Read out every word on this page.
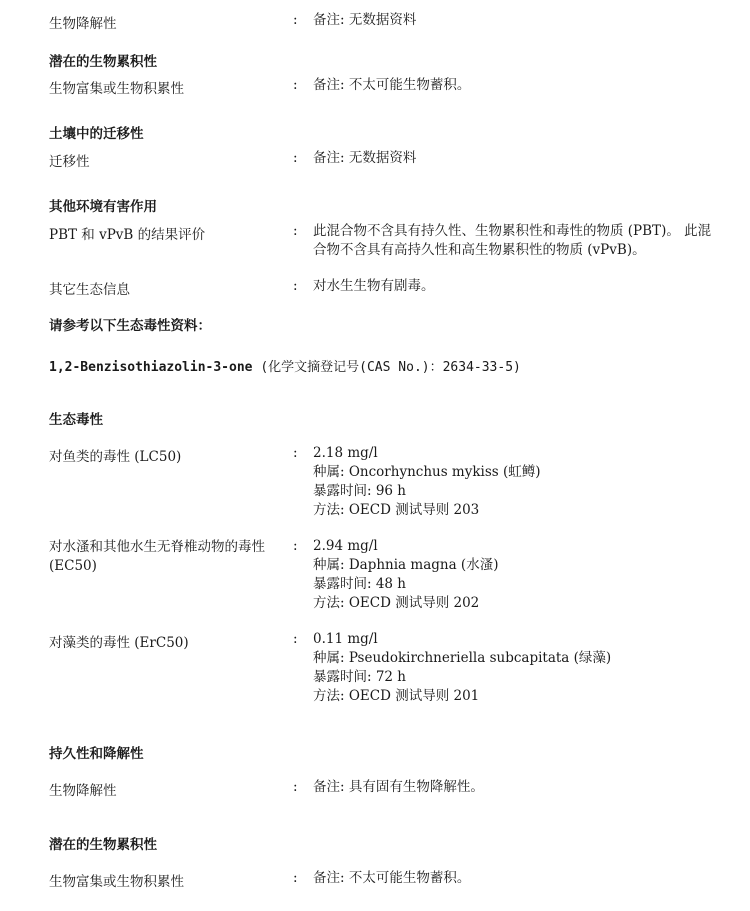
生物降解性	: 备注: 无数据资料
潜在的生物累积性
生物富集或生物积累性	: 备注: 不太可能生物蓄积。
土壤中的迁移性
迁移性	: 备注: 无数据资料
其他环境有害作用
PBT 和 vPvB 的结果评价	: 此混合物不含具有持久性、生物累积性和毒性的物质 (PBT)。 此混
合物不含具有高持久性和高生物累积性的物质 (vPvB)。
其它生态信息	: 对水生生物有剧毒。
请参考以下生态毒性资料：
1,2-Benzisothiazolin-3-one (化学文摘登记号(CAS No.)：2634-33-5)
生态毒性
对鱼类的毒性 (LC50)	: 2.18 mg/l
种属: Oncorhynchus mykiss (虹鳟)
暴露时间: 96 h
方法: OECD 测试导则 203
对水溞和其他水生无脊椎动物的毒性 (EC50)
: 2.94 mg/l
种属: Daphnia magna (水溞)
暴露时间: 48 h
方法: OECD 测试导则 202
对藻类的毒性 (ErC50)	: 0.11 mg/l
种属: Pseudokirchneriella subcapitata (绿藻)
暴露时间: 72 h
方法: OECD 测试导则 201
持久性和降解性
生物降解性	: 备注: 具有固有生物降解性。
潜在的生物累积性
生物富集或生物积累性	: 备注: 不太可能生物蓄积。
